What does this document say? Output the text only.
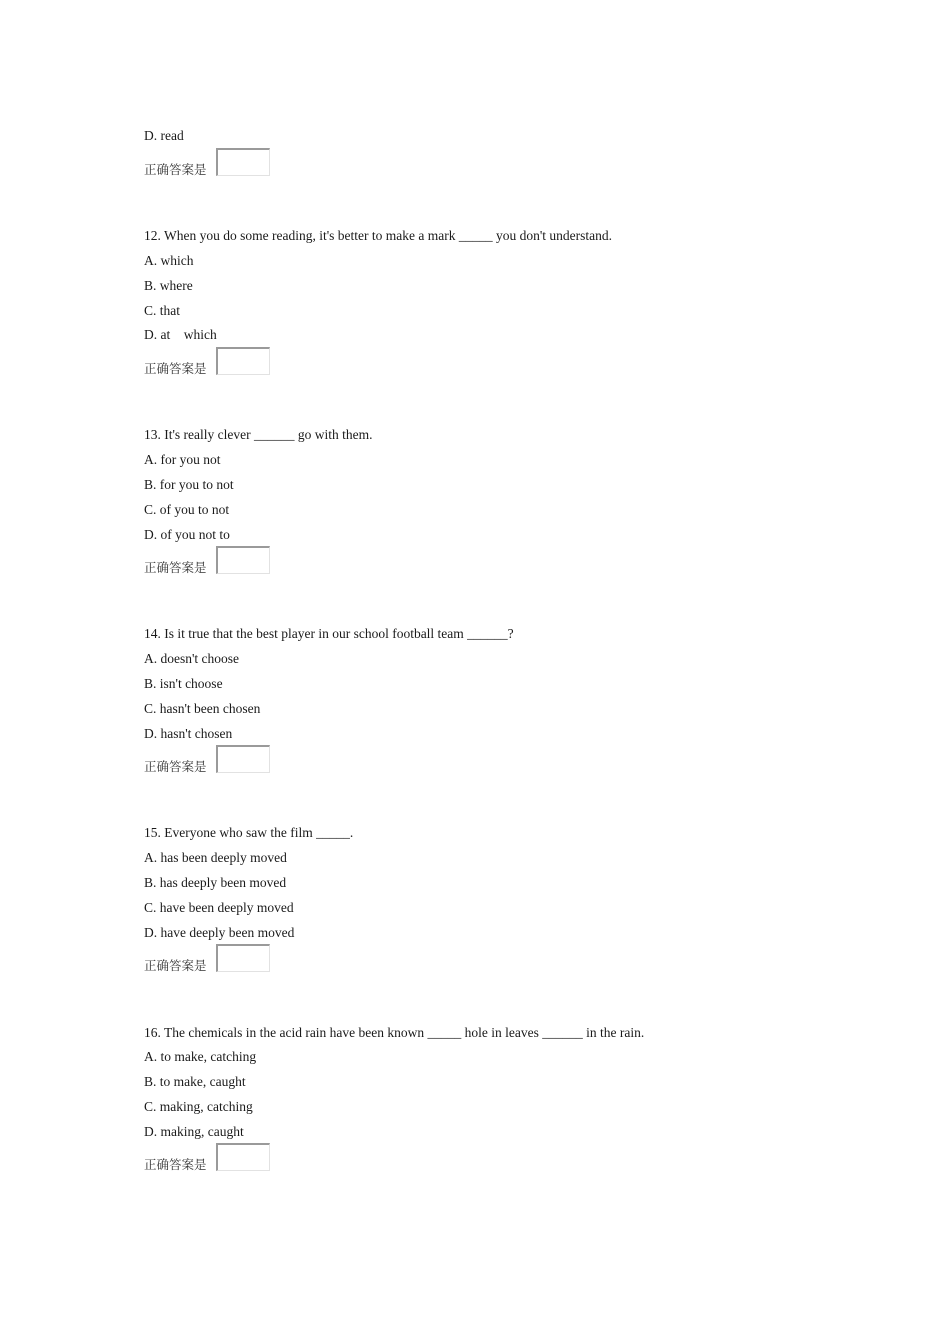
D. read
正确答案是
12. When you do some reading, it's better to make a mark _____ you don't understand.
A. which
B. where
C. that
D. at    which
正确答案是
13. It's really clever ______ go with them.
A. for you not
B. for you to not
C. of you to not
D. of you not to
正确答案是
14. Is it true that the best player in our school football team ______?
A. doesn't choose
B. isn't choose
C. hasn't been chosen
D. hasn't chosen
正确答案是
15. Everyone who saw the film _____.
A. has been deeply moved
B. has deeply been moved
C. have been deeply moved
D. have deeply been moved
正确答案是
16. The chemicals in the acid rain have been known _____ hole in leaves ______ in the rain.
A. to make, catching
B. to make, caught
C. making, catching
D. making, caught
正确答案是
